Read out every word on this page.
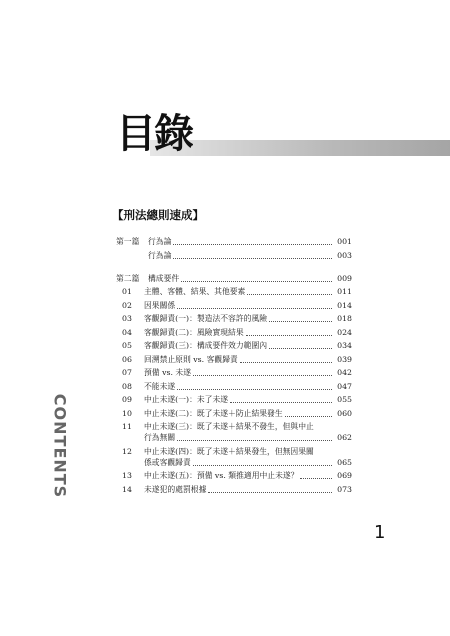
目錄
【刑法總則速成】
第一篇	行為論	001
行為論	003
第二篇	構成要件	009
01	主體、客體、結果、其他要素	011
02	因果關係	014
03	客觀歸責(一)：製造法不容許的風險	018
04	客觀歸責(二)：風險實現結果	024
05	客觀歸責(三)：構成要件效力範圍內	034
06	回溯禁止原則 vs. 客觀歸責	039
07	預備 vs. 未遂	042
08	不能未遂	047
09	中止未遂(一)：未了未遂	055
10	中止未遂(二)：既了未遂＋防止結果發生	060
11	中止未遂(三)：既了未遂＋結果不發生，但與中止
行為無關	062
12	中止未遂(四)：既了未遂＋結果發生，但無因果關
係或客觀歸責	065
13	中止未遂(五)：預備 vs. 類推適用中止未遂？	069
14	未遂犯的處罰根據	073
CONTENTS
1
